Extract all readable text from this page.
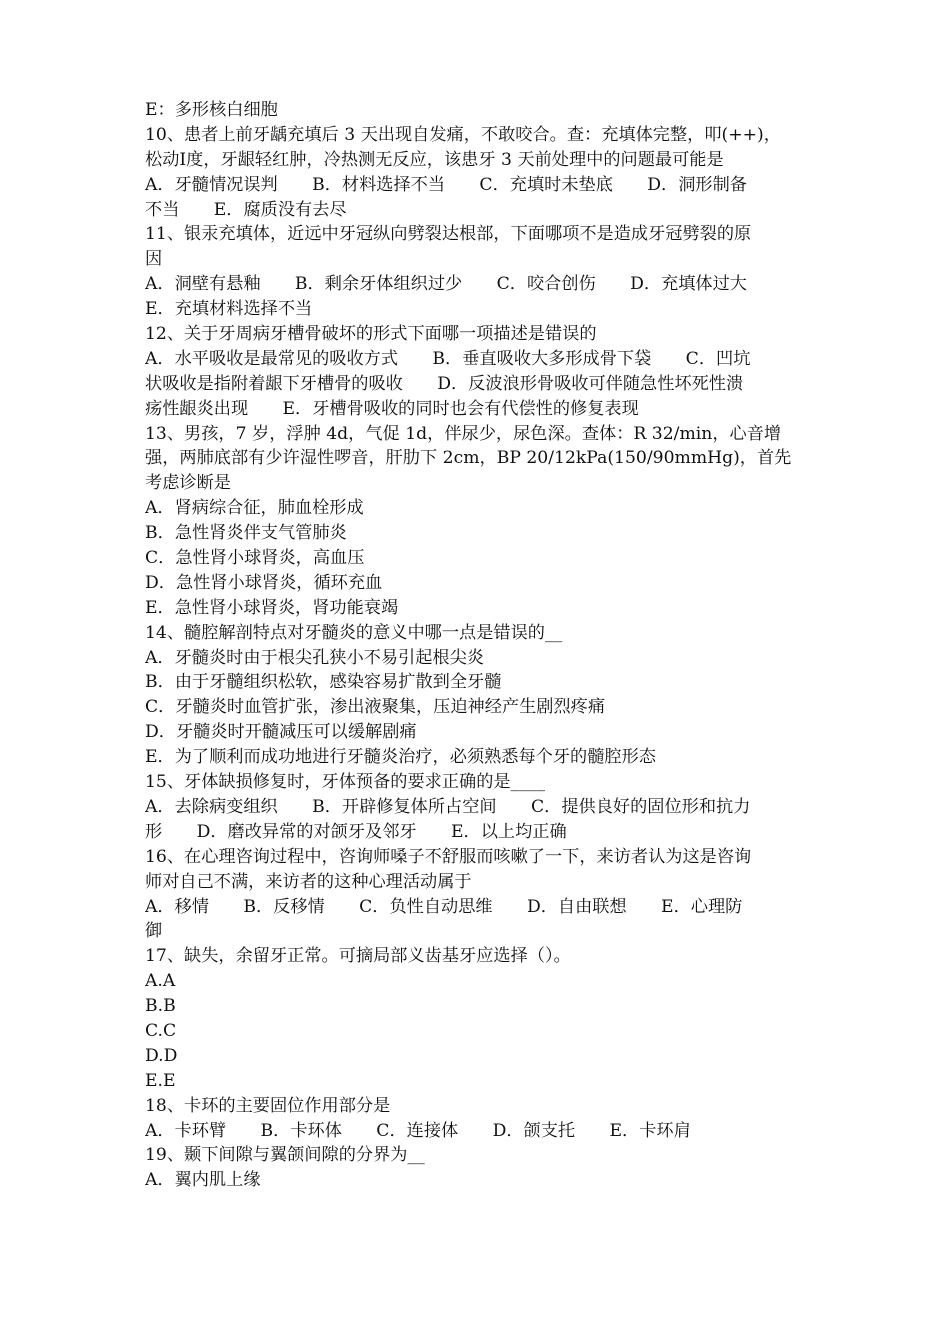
E：多形核白细胞
10、患者上前牙龋充填后 3 天出现自发痛，不敢咬合。查：充填体完整，叩(++)，
松动Ⅰ度，牙龈轻红肿，冷热测无反应，该患牙 3 天前处理中的问题最可能是
A．牙髓情况误判　　B．材料选择不当　　C．充填时未垫底　　D．洞形制备
不当　　E．腐质没有去尽
11、银汞充填体，近远中牙冠纵向劈裂达根部，下面哪项不是造成牙冠劈裂的原
因
A．洞壁有悬釉　　B．剩余牙体组织过少　　C．咬合创伤　　D．充填体过大
E．充填材料选择不当
12、关于牙周病牙槽骨破坏的形式下面哪一项描述是错误的
A．水平吸收是最常见的吸收方式　　B．垂直吸收大多形成骨下袋　　C．凹坑
状吸收是指附着龈下牙槽骨的吸收　　D．反波浪形骨吸收可伴随急性坏死性溃
疡性龈炎出现　　E．牙槽骨吸收的同时也会有代偿性的修复表现
13、男孩，7 岁，浮肿 4d，气促 1d，伴尿少，尿色深。查体：R 32/min，心音增
强，两肺底部有少许湿性啰音，肝肋下 2cm，BP 20/12kPa(150/90mmHg)，首先
考虑诊断是
A．肾病综合征，肺血栓形成
B．急性肾炎伴支气管肺炎
C．急性肾小球肾炎，高血压
D．急性肾小球肾炎，循环充血
E．急性肾小球肾炎，肾功能衰竭
14、髓腔解剖特点对牙髓炎的意义中哪一点是错误的__
A．牙髓炎时由于根尖孔狭小不易引起根尖炎
B．由于牙髓组织松软，感染容易扩散到全牙髓
C．牙髓炎时血管扩张，渗出液聚集，压迫神经产生剧烈疼痛
D．牙髓炎时开髓减压可以缓解剧痛
E．为了顺利而成功地进行牙髓炎治疗，必须熟悉每个牙的髓腔形态
15、牙体缺损修复时，牙体预备的要求正确的是____
A．去除病变组织　　B．开辟修复体所占空间　　C．提供良好的固位形和抗力
形　　D．磨改异常的对颌牙及邻牙　　E．以上均正确
16、在心理咨询过程中，咨询师嗓子不舒服而咳嗽了一下，来访者认为这是咨询
师对自己不满，来访者的这种心理活动属于
A．移情　　B．反移情　　C．负性自动思维　　D．自由联想　　E．心理防
御
17、缺失，余留牙正常。可摘局部义齿基牙应选择（）。
A.A
B.B
C.C
D.D
E.E
18、卡环的主要固位作用部分是
A．卡环臂　　B．卡环体　　C．连接体　　D．颌支托　　E．卡环肩
19、颞下间隙与翼颌间隙的分界为__
A．翼内肌上缘
